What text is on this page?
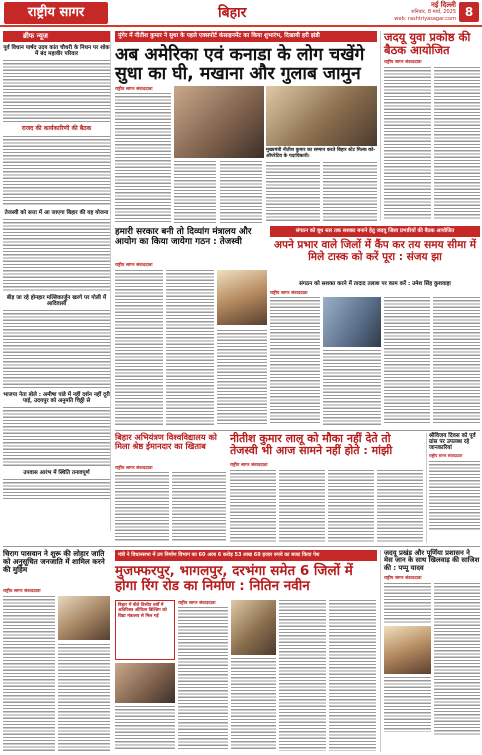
राष्ट्रीय सागर	बिहार	नई दिल्ली
शनिवार, 8 मार्च, 2025
web: rashtriyasagar.com 8
ब्रीफ न्यूज
पूर्व विधान पार्षद उदय कांत चौधरी के निधन पर शोक में बंद महावीर परिवार
राजद की कार्यकारिणी की बैठक
तेजस्वी को सत्ता में आ जाएगा बिहार की यह योजना
बीड़ जा रहे होनहार मल्लिकार्जुन खरगे पर गोली में आदिवासी
भाजपा नेता बोले : अमीषा पांडे में नहीं दर्शन नहीं दूरी पाई, उदयपुर को अनुमति चिठ्ठी से
उपवास आरंभ में स्थिति तनावपूर्ण
मुंगेर में नीतीश कुमार ने सुधा के पहले एक्सपोर्ट कंसाइनमेंट का किया शुभारंभ, दिखायी हरी झंडी
अब अमेरिका एवं कनाडा के लोग चखेंगे सुधा का घी, मखाना और गुलाब जामुन
राष्ट्रीय सागर संवाददाता
मुख्यमंत्री नीतीश कुमार का सम्मान करते बिहार स्टेट मिल्क को-ऑपरेटिव के पदाधिकारी।
जदयू युवा प्रकोष्ठ की बैठक आयोजित
राष्ट्रीय सागर संवाददाता
हमारी सरकार बनी तो दिव्यांग मंत्रालय और आयोग का किया जायेगा गठन : तेजस्वी
राष्ट्रीय सागर संवाददाता
संगठन को बूथ स्तर तक सशक्त बनाने हेतु जदयू जिला प्रभारियों की बैठक आयोजित
अपने प्रभार वाले जिलों में कैंप कर तय समय सीमा में मिले टास्क को करें पूरा : संजय झा
संगठन को सशक्त करने में तादाद तलाश पर काम करें : उमेश सिंह कुशवाहा
राष्ट्रीय सागर संवाददाता
बिहार अभियंत्रण विश्वविद्यालय को मिला श्रेष्ठ ईमानदार का खिताब
राष्ट्रीय सागर संवाददाता
नीतीश कुमार लालू को मौका नहीं देते तो तेजस्वी भी आज सामने नहीं होते : मांझी
राष्ट्रीय सागर संवाददाता
श्रीविजय दिवस को पूर्व ग्रांस पर उपलब्ध रहे जानकारियां
राष्ट्रीय सागर संवाददाता
चिराग पासवान ने शुरू की लोहार जाति को अनुसूचित जनजाति में शामिल करने की मुहिम
राष्ट्रीय सागर संवाददाता
मंत्री ने विधानसभा में उप निर्माण विभाग का 60 अरब 6 करोड़ 53 लाख 69 हजार रुपये का बजट किया पेश
मुजफ्फरपुर, भागलपुर, दरभंगा समेत 6 जिलों में होगा रिंग रोड का निर्माण : नितिन नवीन
बिहार में बीते वित्तीय वर्षों में अतिरिक्त ऑफिस बिल्डिंग को विद्या मंत्रालय से मिल गई
राष्ट्रीय सागर संवाददाता
जदयू प्रखंड और पूर्णिया प्रशासन ने मेस जान के साथ खिलवाड़ की साजिश की : पप्पू यादव
राष्ट्रीय सागर संवाददाता
